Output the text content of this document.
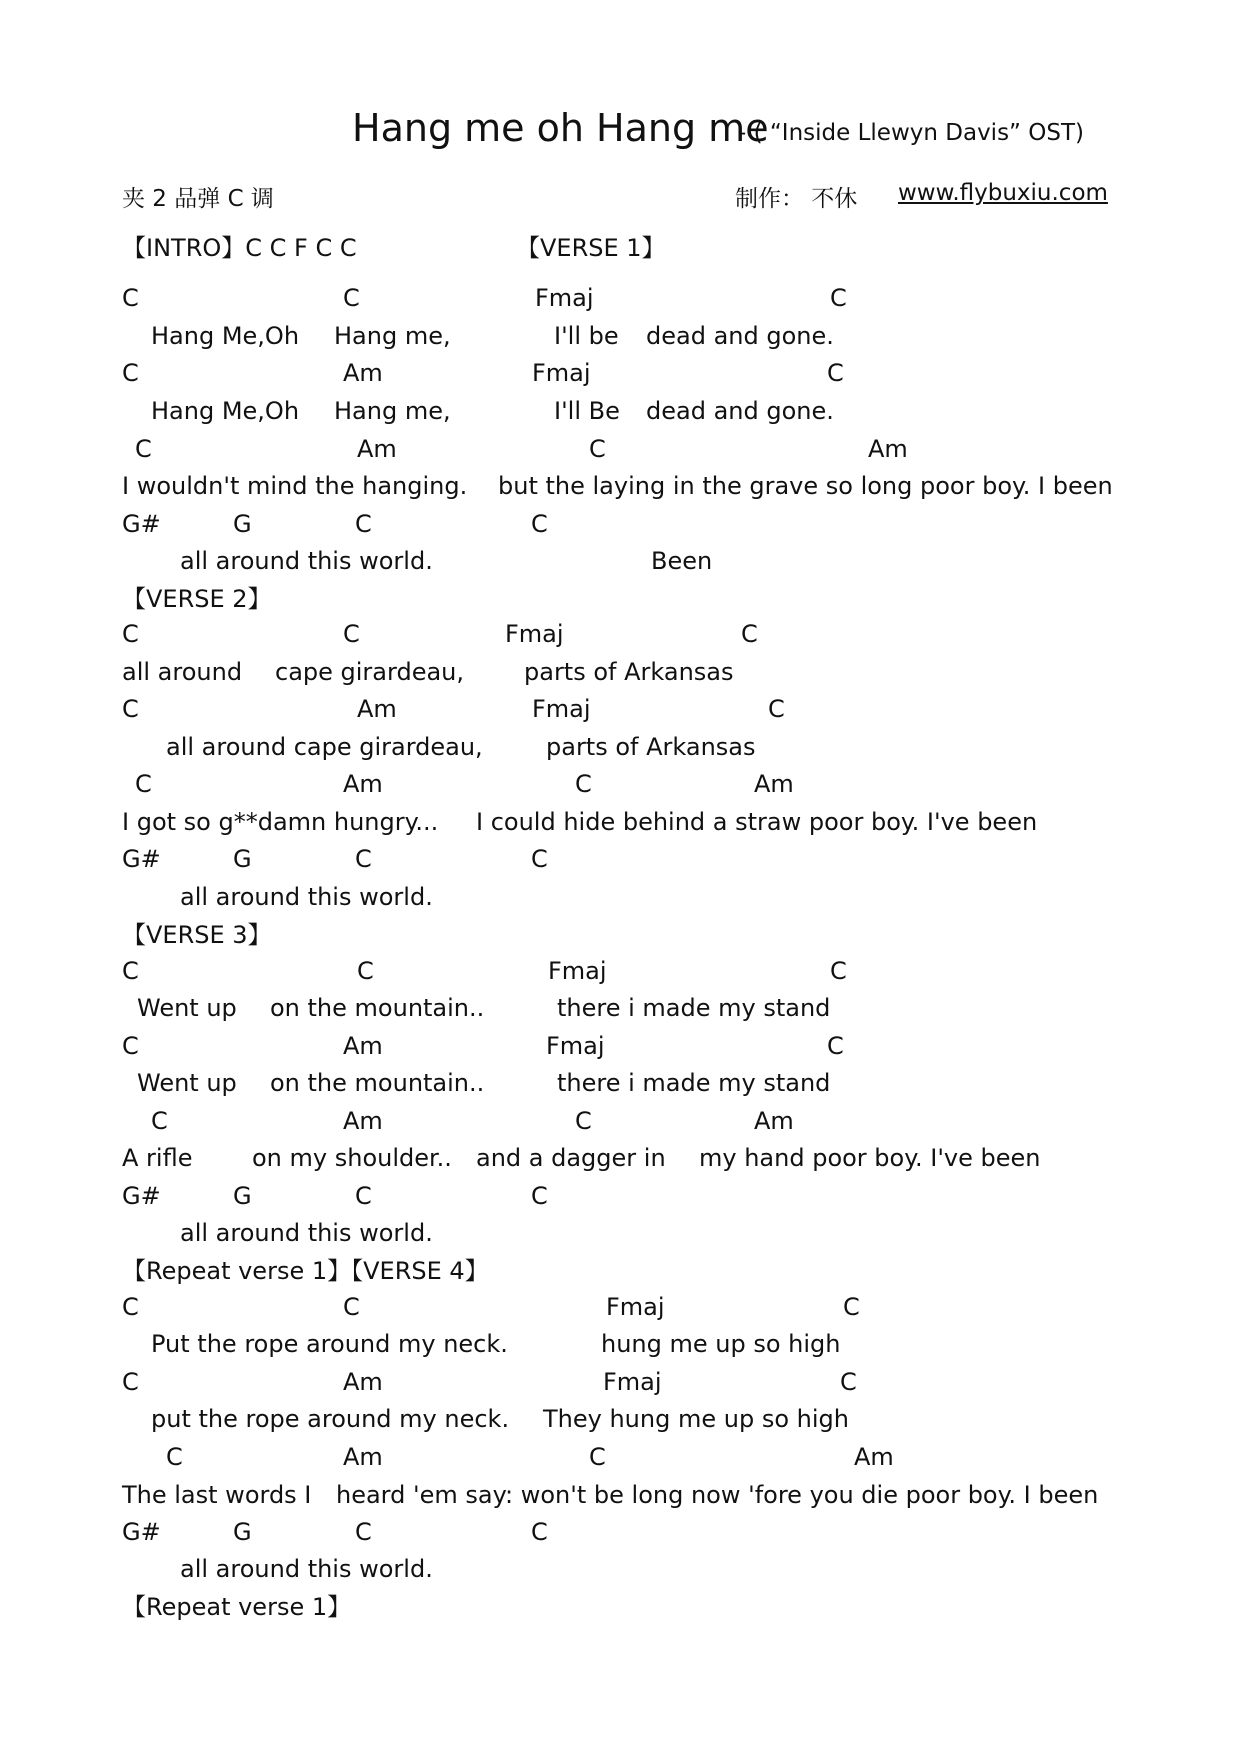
Hang me oh Hang me
- ( “Inside Llewyn Davis” OST)
夹 2 品弹 C 调	制作： 不休 www.flybuxiu.com
【INTRO】C C F C C	【VERSE 1】
C	C	Fmaj	C
Hang Me,Oh Hang me,	I'll be dead and gone.
C	Am	Fmaj	C
Hang Me,Oh Hang me,	I'll Be dead and gone.
C	Am	C	Am
I wouldn't mind the hanging. but the laying in the grave so long poor boy. I been
G#	G	C	C
all around this world.	Been
【VERSE 2】
C	C	Fmaj	C
all around cape girardeau,	parts of Arkansas
C	Am	Fmaj	C
all around cape girardeau,	parts of Arkansas
C	Am	C	Am
I got so g**damn hungry... I could hide behind a straw poor boy. I've been
G#	G	C	C
all around this world.
【VERSE 3】
C	C	Fmaj	C
Went up on the mountain..	there i made my stand
C	Am	Fmaj	C
Went up on the mountain..	there i made my stand
C	Am	C	Am
A rifle on my shoulder.. and a dagger in my hand poor boy. I've been
G#	G	C	C
all around this world.
【Repeat verse 1】【VERSE 4】
C	C	Fmaj	C
Put the rope around my neck.	hung me up so high
C	Am	Fmaj	C
put the rope around my neck. They hung me up so high
C	Am	C	Am
The last words I heard 'em say: won't be long now 'fore you die poor boy. I been
G#	G	C	C
all around this world.
【Repeat verse 1】
